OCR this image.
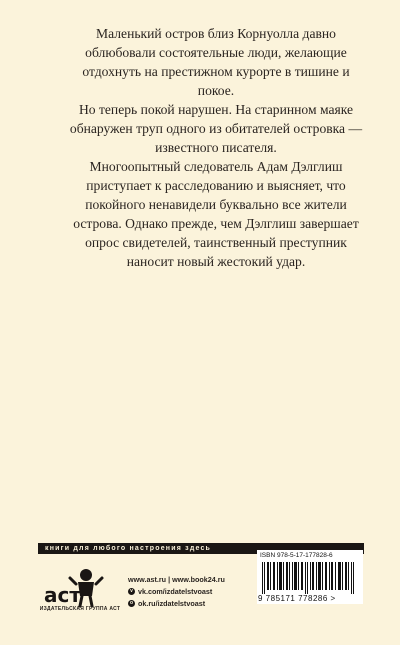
Маленький остров близ Корнуолла давно облюбовали состоятельные люди, желающие отдохнуть на престижном курорте в тишине и покое.

Но теперь покой нарушен. На старинном маяке обнаружен труп одного из обитателей островка — известного писателя.

Многоопытный следователь Адам Дэлглиш приступает к расследованию и выясняет, что покойного ненавидели буквально все жители острова. Однако прежде, чем Дэлглиш завершает опрос свидетелей, таинственный преступник наносит новый жестокий удар.

книги для любого настроения здесь
аст
ИЗДАТЕЛЬСКАЯ ГРУППА АСТ
www.ast.ru | www.book24.ru
v vk.com/izdatelstvoast
o ok.ru/izdatelstvoast
ISBN 978-5-17-177828-6
9 785171 778286 >
